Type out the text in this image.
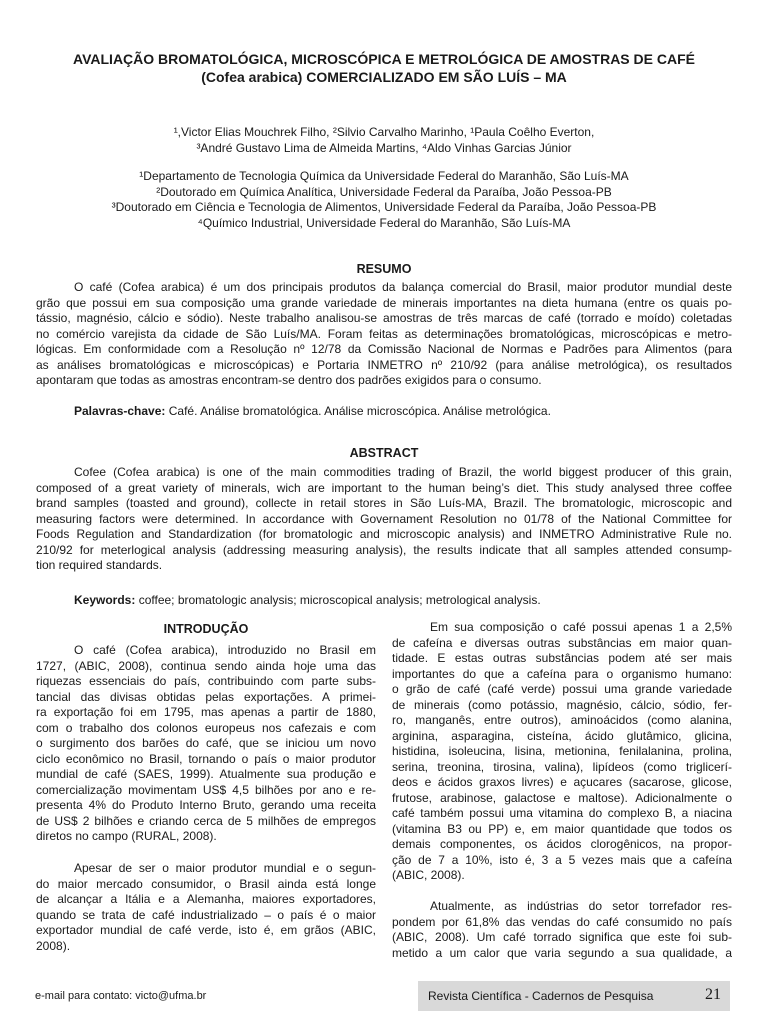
AVALIAÇÃO BROMATOLÓGICA, MICROSCÓPICA E METROLÓGICA DE AMOSTRAS DE CAFÉ
(Cofea arabica) COMERCIALIZADO EM SÃO LUÍS – MA
¹,Victor Elias Mouchrek Filho, ²Silvio Carvalho Marinho, ¹Paula Coêlho Everton,
³André Gustavo Lima de Almeida Martins, ⁴Aldo Vinhas Garcias Júnior
¹Departamento de Tecnologia Química da Universidade Federal do Maranhão, São Luís-MA
²Doutorado em Química Analítica, Universidade Federal da Paraíba, João Pessoa-PB
³Doutorado em Ciência e Tecnologia de Alimentos, Universidade Federal da Paraíba, João Pessoa-PB
⁴Químico Industrial, Universidade Federal do Maranhão, São Luís-MA
RESUMO
O café (Cofea arabica) é um dos principais produtos da balança comercial do Brasil, maior produtor mundial deste
grão que possui em sua composição uma grande variedade de minerais importantes na dieta humana (entre os quais po-
tássio, magnésio, cálcio e sódio). Neste trabalho analisou-se amostras de três marcas de café (torrado e moído) coletadas
no comércio varejista da cidade de São Luís/MA. Foram feitas as determinações bromatológicas, microscópicas e metro-
lógicas. Em conformidade com a Resolução nº 12/78 da Comissão Nacional de Normas e Padrões para Alimentos (para
as análises bromatológicas e microscópicas) e Portaria INMETRO nº 210/92 (para análise metrológica), os resultados
apontaram que todas as amostras encontram-se dentro dos padrões exigidos para o consumo.
Palavras-chave: Café. Análise bromatológica. Análise microscópica. Análise metrológica.
ABSTRACT
Cofee (Cofea arabica) is one of the main commodities trading of Brazil, the world biggest producer of this grain,
composed of a great variety of minerals, wich are important to the human being’s diet. This study analysed three coffee
brand samples (toasted and ground), collecte in retail stores in São Luís-MA, Brazil. The bromatologic, microscopic and
measuring factors were determined. In accordance with Governament Resolution no 01/78 of the National Committee for
Foods Regulation and Standardization (for bromatologic and microscopic analysis) and INMETRO Administrative Rule no.
210/92 for meterlogical analysis (addressing measuring analysis), the results indicate that all samples attended consump-
tion required standards.
Keywords: coffee; bromatologic analysis; microscopical analysis; metrological analysis.
INTRODUÇÃO
O café (Cofea arabica), introduzido no Brasil em
1727, (ABIC, 2008), continua sendo ainda hoje uma das
riquezas essenciais do país, contribuindo com parte subs-
tancial das divisas obtidas pelas exportações. A primei-
ra exportação foi em 1795, mas apenas a partir de 1880,
com o trabalho dos colonos europeus nos cafezais e com
o surgimento dos barões do café, que se iniciou um novo
ciclo econômico no Brasil, tornando o país o maior produtor
mundial de café (SAES, 1999). Atualmente sua produção e
comercialização movimentam US$ 4,5 bilhões por ano e re-
presenta 4% do Produto Interno Bruto, gerando uma receita
de US$ 2 bilhões e criando cerca de 5 milhões de empregos
diretos no campo (RURAL, 2008).
Apesar de ser o maior produtor mundial e o segun-
do maior mercado consumidor, o Brasil ainda está longe
de alcançar a Itália e a Alemanha, maiores exportadores,
quando se trata de café industrializado – o país é o maior
exportador mundial de café verde, isto é, em grãos (ABIC,
2008).
Em sua composição o café possui apenas 1 a 2,5%
de cafeína e diversas outras substâncias em maior quan-
tidade. E estas outras substâncias podem até ser mais
importantes do que a cafeína para o organismo humano:
o grão de café (café verde) possui uma grande variedade
de minerais (como potássio, magnésio, cálcio, sódio, fer-
ro, manganês, entre outros), aminoácidos (como alanina,
arginina, asparagina, cisteína, ácido glutâmico, glicina,
histidina, isoleucina, lisina, metionina, fenilalanina, prolina,
serina, treonina, tirosina, valina), lipídeos (como triglicerí-
deos e ácidos graxos livres) e açucares (sacarose, glicose,
frutose, arabinose, galactose e maltose). Adicionalmente o
café também possui uma vitamina do complexo B, a niacina
(vitamina B3 ou PP) e, em maior quantidade que todos os
demais componentes, os ácidos clorogênicos, na propor-
ção de 7 a 10%, isto é, 3 a 5 vezes mais que a cafeína
(ABIC, 2008).
Atualmente, as indústrias do setor torrefador res-
pondem por 61,8% das vendas do café consumido no país
(ABIC, 2008). Um café torrado significa que este foi sub-
metido a um calor que varia segundo a sua qualidade, a
e-mail para contato: victo@ufma.br	Revista Científica - Cadernos de Pesquisa	21
